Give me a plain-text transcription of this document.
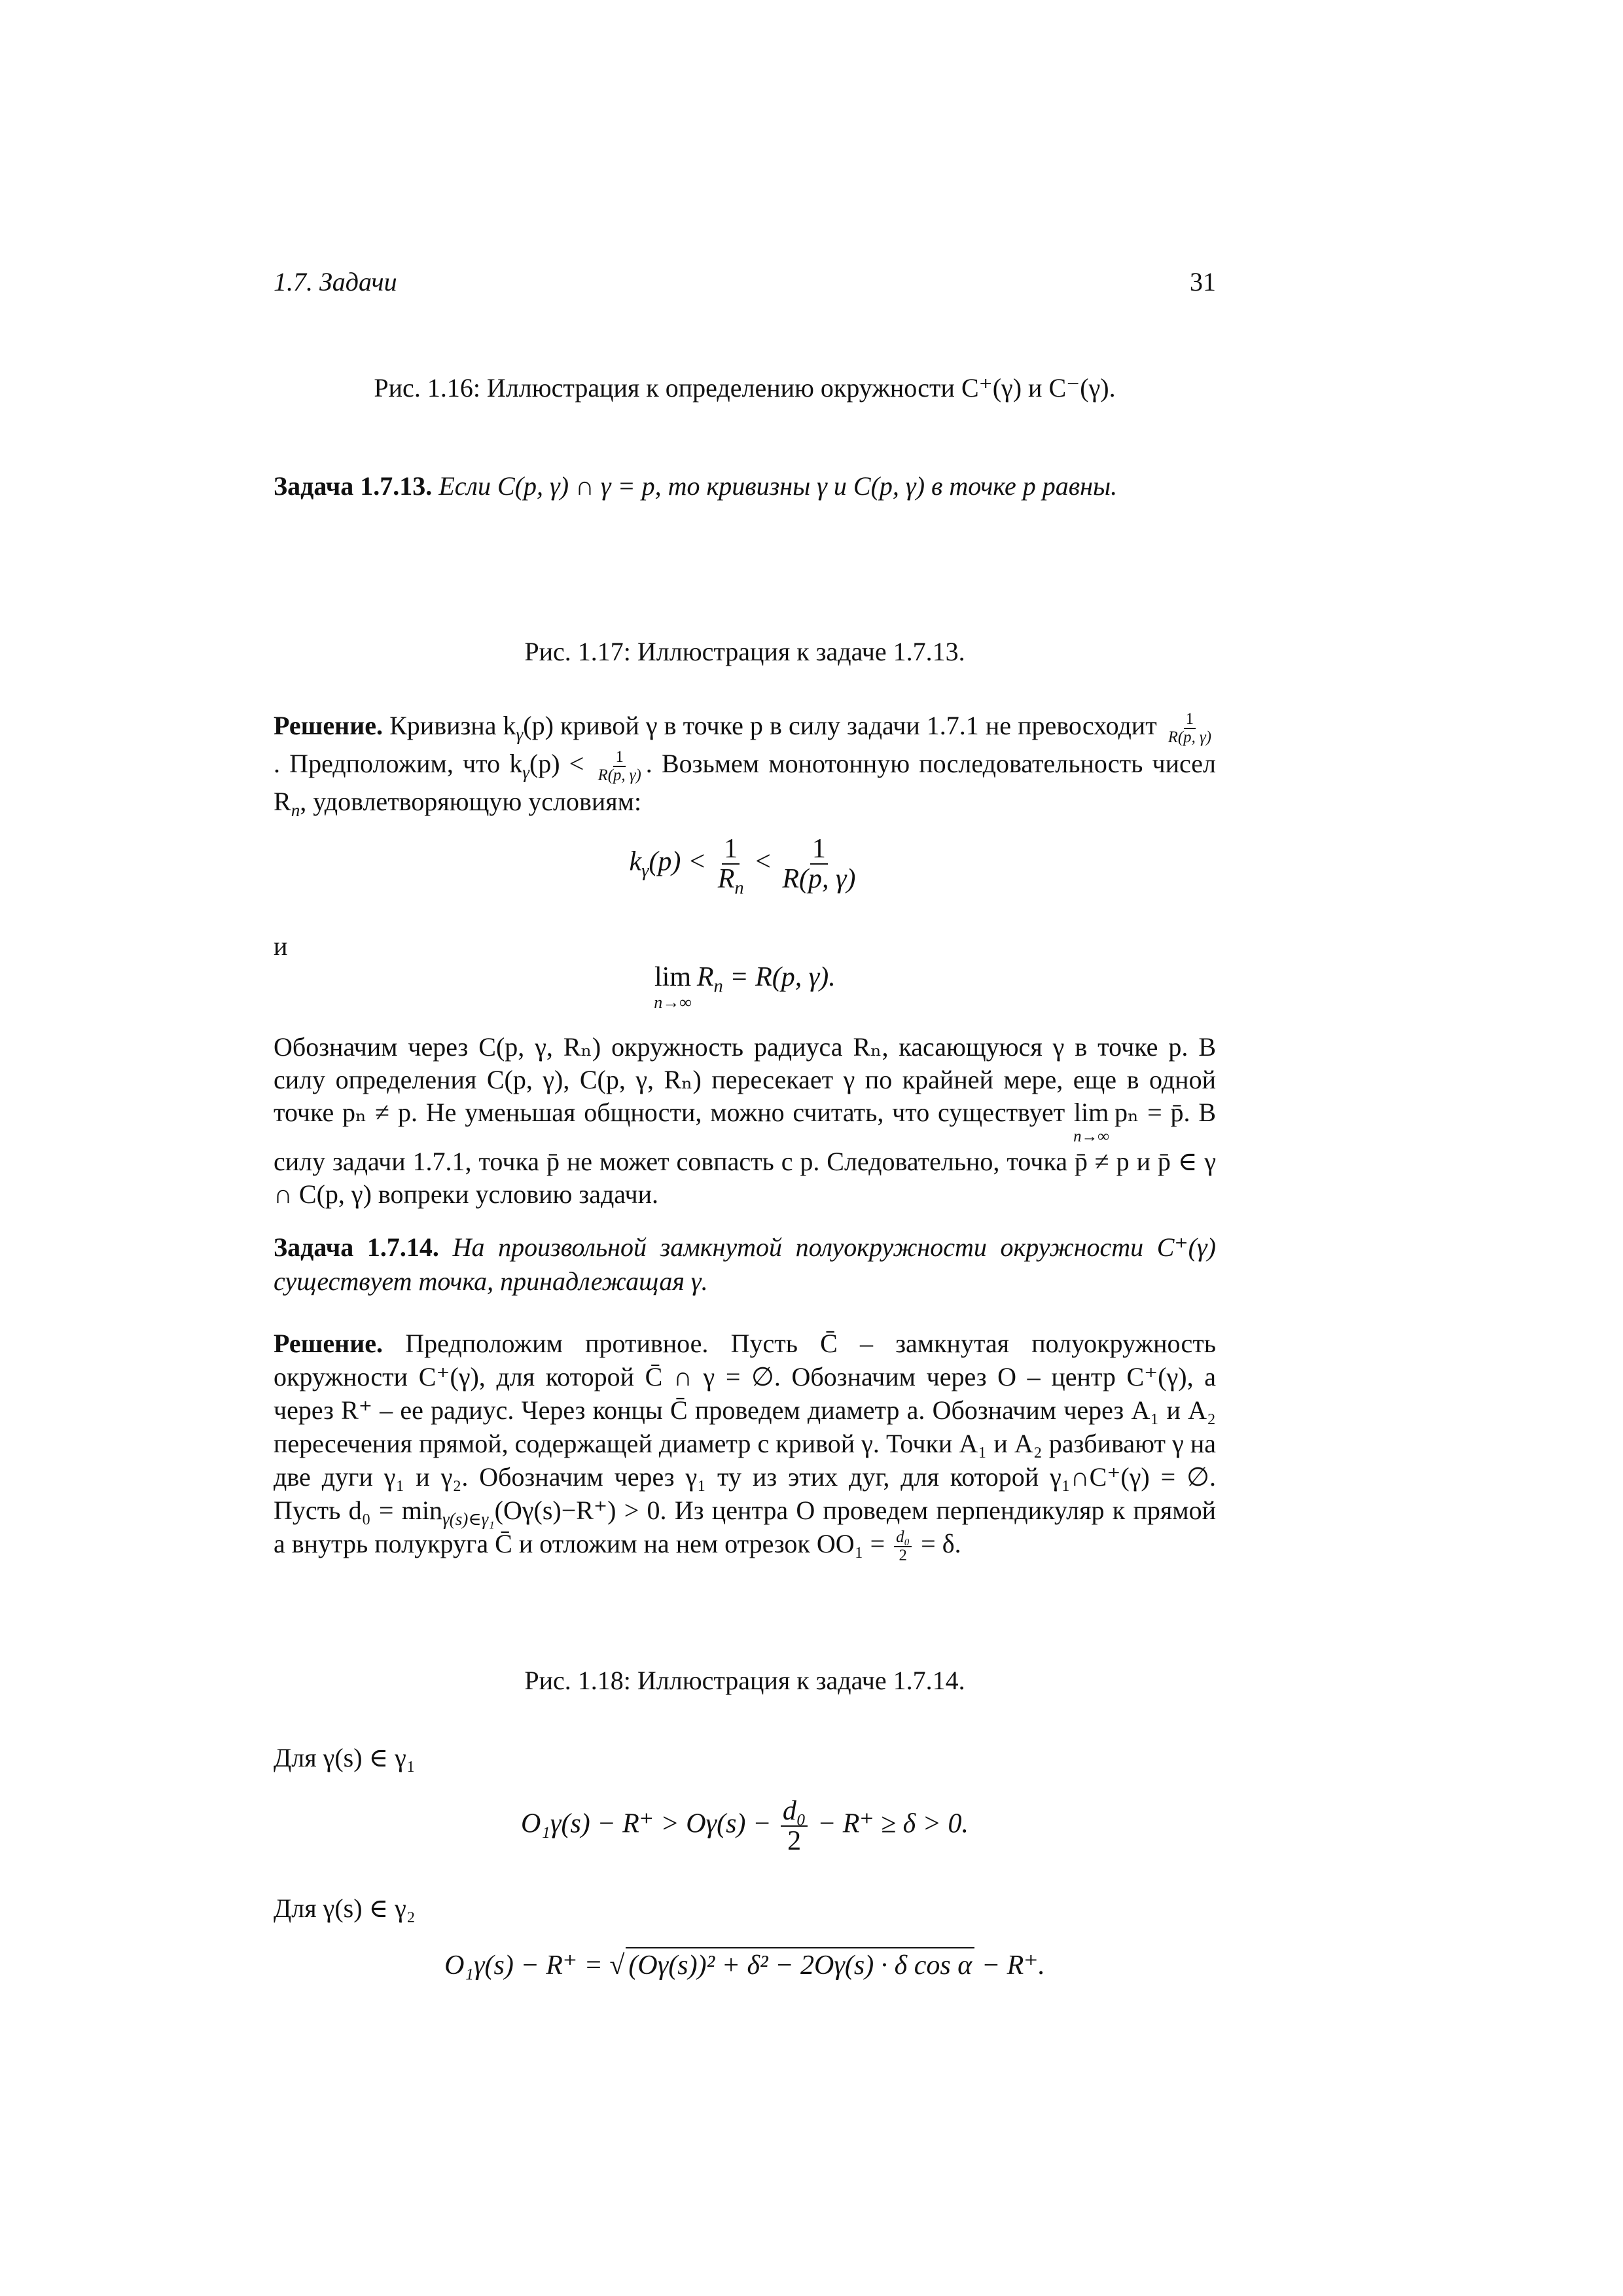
1.7. Задачи	31
Рис. 1.16: Иллюстрация к определению окружности C⁺(γ) и C⁻(γ).
Задача 1.7.13. Если C(p, γ) ∩ γ = p, то кривизны γ и C(p, γ) в точке p равны.
Рис. 1.17: Иллюстрация к задаче 1.7.13.
Решение. Кривизна $k_\gamma(p)$ кривой γ в точке p в силу задачи 1.7.1 не превосходит $\frac{1}{R(p, \gamma)}$
. Предположим, что $k_\gamma(p) < \frac{1}{R(p, \gamma)}$ . Возьмем монотонную последовательность чисел $R_n$, удовлетворяющую условиям:
$k_\gamma(p) < \frac{1}{R_n} < \frac{1}{R(p, \gamma)}$
и
lim
n→∞
$R_n = R(p$, γ).
Обозначим через C(p, γ, Rₙ) окружность радиуса Rₙ, касающуюся γ в точке p. В силу определения C(p, γ), C(p, γ, Rₙ) пересекает γ по крайней мере, еще в одной точке pₙ ≠ p. Не уменьшая общности, можно считать, что существует lim
n→∞
pₙ = p̄. В силу задачи 1.7.1, точка p̄ не может совпасть с p. Следовательно, точка p̄ ≠ p и p̄ ∈ γ ∩ C(p, γ) вопреки условию задачи.
Задача 1.7.14. На произвольной замкнутой полуокружности окружности C⁺(γ) существует точка, принадлежащая γ.
Решение. Предположим противное. Пусть C̄ – замкнутая полуокружность окружности C⁺(γ), для которой C̄ ∩ γ = ∅. Обозначим через O – центр C⁺(γ), а через R⁺ – ее радиус. Через концы C̄ проведем диаметр a. Обозначим через A₁ и A₂ пересечения прямой, содержащей диаметр с кривой γ. Точки A₁ и A₂ разбивают γ на две дуги γ₁ и γ₂. Обозначим через γ₁ ту из этих дуг, для которой γ₁∩C⁺(γ) = ∅. Пусть $d_0 = \min_{\gamma(s)\in\gamma_1}(O\gamma(s)-R^+) > 0$. Из центра O проведем перпендикуляр к прямой a внутрь полукруга C̄ и отложим на нем отрезок $OO_1 = \frac{\text{d₀}}{2} = \delta$.
Рис. 1.18: Иллюстрация к задаче 1.7.14.
Для γ(s) ∈ γ₁
$O_1\gamma(s) - R^+ > O\gamma(s) - \frac{\text{d₀}}{2} - R^+ \ge \delta > 0$.
Для γ(s) ∈ γ₂
O₁γ(s) − R⁺ = √ (Oγ(s))² + δ² − 2Oγ(s) · δ cos α − R⁺.
